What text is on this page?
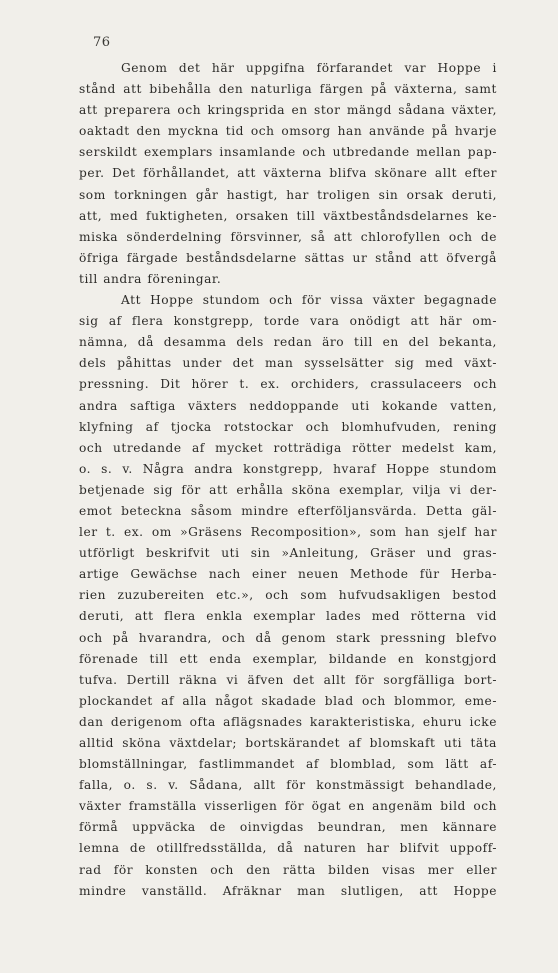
76
Genom det här uppgifna förfarandet var Hoppe i
stånd att bibehålla den naturliga färgen på växterna, samt
att preparera och kringsprida en stor mängd sådana växter,
oaktadt den myckna tid och omsorg han använde på hvarje
serskildt exemplars insamlande och utbredande mellan pap-
per. Det förhållandet, att växterna blifva skönare allt efter
som torkningen går hastigt, har troligen sin orsak deruti,
att, med fuktigheten, orsaken till växtbeståndsdelarnes ke-
miska sönderdelning försvinner, så att chlorofyllen och de
öfriga färgade beståndsdelarne sättas ur stånd att öfvergå
till andra föreningar.
Att Hoppe stundom och för vissa växter begagnade
sig af flera konstgrepp, torde vara onödigt att här om-
nämna, då desamma dels redan äro till en del bekanta,
dels påhittas under det man sysselsätter sig med växt-
pressning. Dit hörer t. ex. orchiders, crassulaceers och
andra saftiga växters neddoppande uti kokande vatten,
klyfning af tjocka rotstockar och blomhufvuden, rening
och utredande af mycket rotträdiga rötter medelst kam,
o. s. v. Några andra konstgrepp, hvaraf Hoppe stundom
betjenade sig för att erhålla sköna exemplar, vilja vi der-
emot beteckna såsom mindre efterföljansvärda. Detta gäl-
ler t. ex. om »Gräsens Recomposition», som han sjelf har
utförligt beskrifvit uti sin »Anleitung, Gräser und gras-
artige Gewächse nach einer neuen Methode für Herba-
rien zuzubereiten etc.», och som hufvudsakligen bestod
deruti, att flera enkla exemplar lades med rötterna vid
och på hvarandra, och då genom stark pressning blefvo
förenade till ett enda exemplar, bildande en konstgjord
tufva. Dertill räkna vi äfven det allt för sorgfälliga bort-
plockandet af alla något skadade blad och blommor, eme-
dan derigenom ofta aflägsnades karakteristiska, ehuru icke
alltid sköna växtdelar; bortskärandet af blomskaft uti täta
blomställningar, fastlimmandet af blomblad, som lätt af-
falla, o. s. v. Sådana, allt för konstmässigt behandlade,
växter framställa visserligen för ögat en angenäm bild och
förmå uppväcka de oinvigdas beundran, men kännare
lemna de otillfredsställda, då naturen har blifvit uppoff-
rad för konsten och den rätta bilden visas mer eller
mindre vanställd. Afräknar man slutligen, att Hoppe
